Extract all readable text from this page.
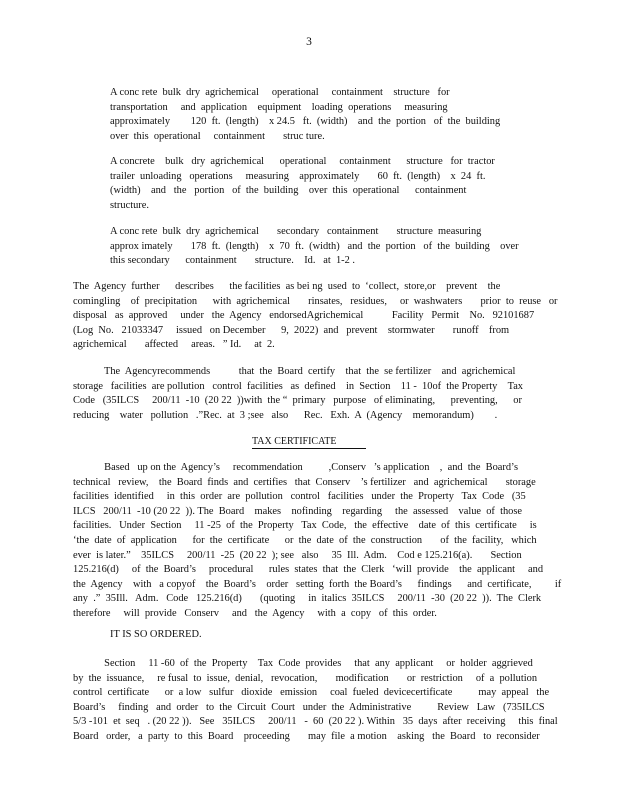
3

A conc rete  bulk  dry  agrichemical     operational     containment    structure   for

transportation     and  application    equipment    loading  operations     measuring

approximately        120  ft.  (length)    x 24.5   ft.  (width)    and  the  portion   of  the  building

over  this  operational     containment       struc ture.

A concrete    bulk   dry  agrichemical      operational     containment      structure   for  tractor

trailer  unloading   operations     measuring    approximately       60  ft.  (length)    x  24  ft.

(width)    and   the   portion   of  the  building    over  this  operational      containment

structure.

A conc rete  bulk  dry  agrichemical       secondary   containment       structure  measuring

approx imately       178  ft.  (length)    x  70  ft.  (width)   and  the  portion   of  the  building    over

this secondary      containment       structure.    Id.   at  1-2 .

The  Agency  further      describes      the facilities  as bei ng  used  to  ‘collect,  store,or    prevent    the

comingling    of  precipitation      with  agrichemical       rinsates,   residues,     or  washwaters       prior  to  reuse   or

disposal   as  approved     under   the  Agency   endorsedAgrichemical           Facility   Permit    No.   92101687

(Log  No.   21033347     issued   on December      9,  2022)  and   prevent    stormwater       runoff    from

agrichemical       affected     areas.   ” Id.     at  2.

The  Agencyrecommends           that  the  Board  certify    that  the  se fertilizer    and  agrichemical

storage   facilities  are pollution   control  facilities   as  defined    in  Section    11 -  10of  the Property    Tax

Code   (35ILCS     200/11  -10  (20 22  ))with  the “  primary   purpose   of eliminating,      preventing,      or

reducing    water   pollution   .”Rec.  at  3 ;see   also      Rec.   Exh.  A  (Agency    memorandum)        .

TAX CERTIFICATE

Based   up on the  Agency’s     recommendation          ,Conserv   ’s application    ,  and  the  Board’s

technical   review,    the  Board  finds  and  certifies   that  Conserv    ’s fertilizer   and  agrichemical       storage

facilities  identified     in  this  order  are  pollution   control   facilities   under  the  Property   Tax  Code   (35

ILCS   200/11  -10 (20 22  )). The  Board    makes    nofinding    regarding     the  assessed    value  of  those

facilities.   Under  Section     11 -25  of  the  Property   Tax  Code,   the  effective    date  of  this  certificate     is

‘the  date  of  application      for  the  certificate      or  the  date  of  the  construction       of  the  facility,   which

ever  is later.”    35ILCS     200/11  -25  (20 22  ); see   also     35  Ill.  Adm.    Cod e 125.216(a).       Section

125.216(d)     of  the  Board’s     procedural      rules  states  that  the  Clerk   ‘will  provide    the  applicant     and

the  Agency    with   a copyof    the  Board’s    order   setting  forth  the Board’s      findings      and  certificate,         if

any  .”  35Ill.   Adm.   Code   125.216(d)       (quoting     in  italics  35ILCS     200/11  -30  (20 22  )).  The  Clerk

therefore     will  provide   Conserv     and   the  Agency     with  a  copy   of  this  order.

IT IS SO ORDERED.

Section     11 -60  of  the  Property    Tax  Code  provides     that  any  applicant     or  holder  aggrieved

by  the  issuance,     re fusal  to  issue,  denial,   revocation,       modification       or  restriction     of  a  pollution

control  certificate      or  a low   sulfur   dioxide   emission     coal  fueled  devicecertificate          may  appeal   the

Board’s     finding   and  order   to  the  Circuit  Court   under  the  Administrative          Review   Law   (735ILCS

5/3 -101  et  seq   . (20 22 )).   See   35ILCS     200/11   -  60  (20 22 ). Within   35  days  after  receiving     this  final

Board   order,   a  party  to  this  Board    proceeding       may  file  a motion    asking   the  Board   to  reconsider
